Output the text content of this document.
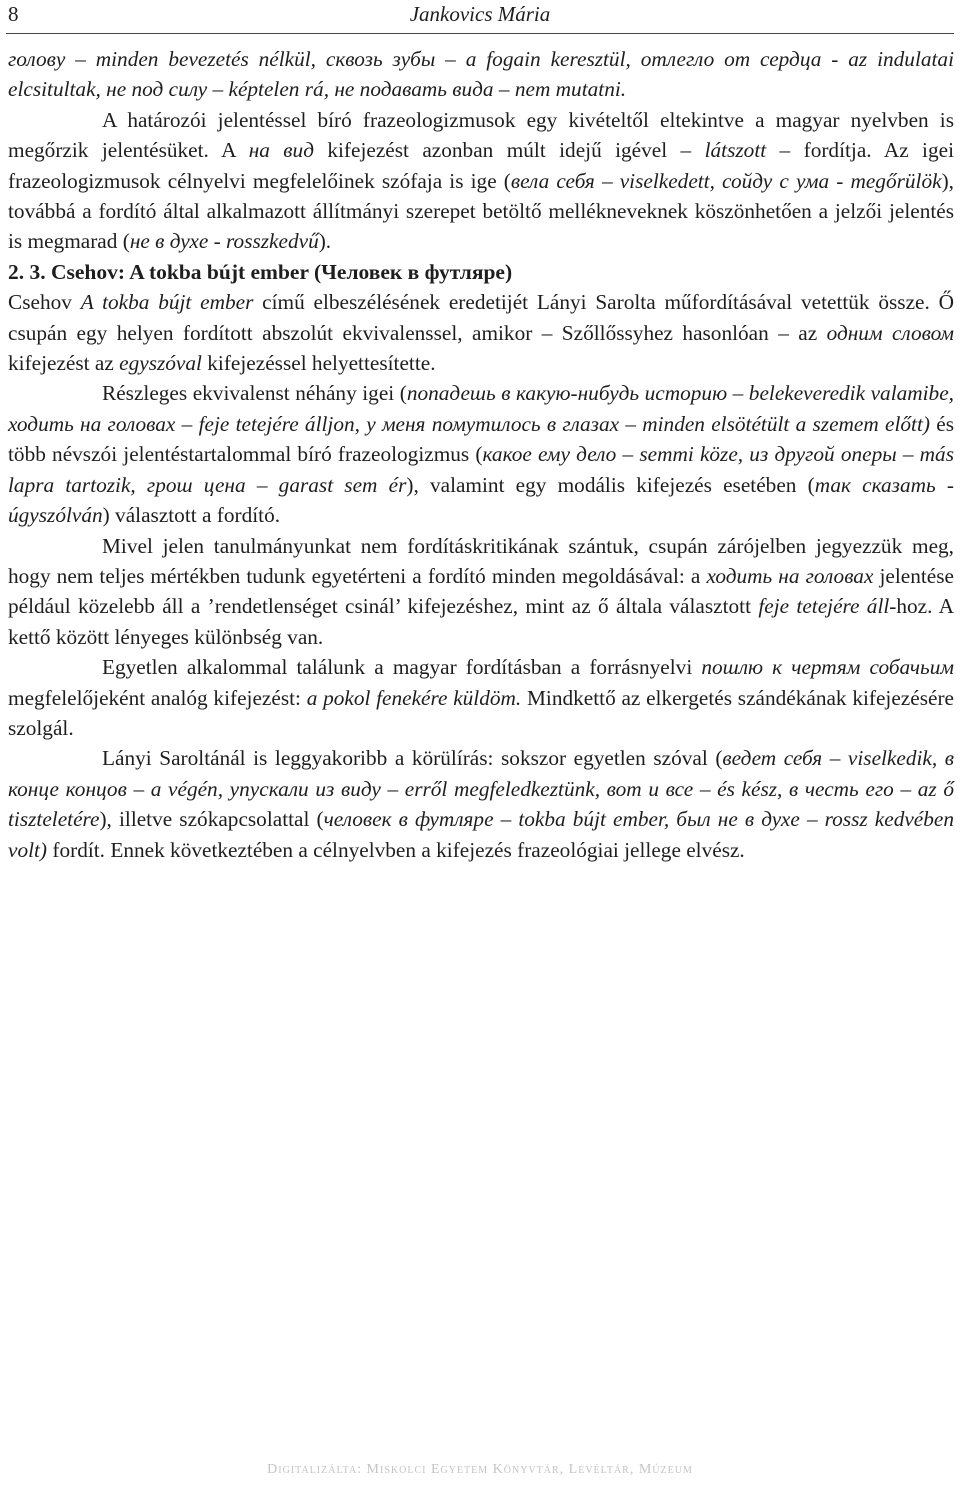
8	Jankovics Mária

голову – minden bevezetés nélkül, сквозь зубы – a fogain keresztül, отлегло от сердца - az indulatai elcsitultak, не под силу – képtelen rá, не подавать вида – nem mutatni.

A határozói jelentéssel bíró frazeologizmusok egy kivételtől eltekintve a magyar nyelvben is megőrzik jelentésüket. A на вид kifejezést azonban múlt idejű igével – látszott – fordítja. Az igei frazeologizmusok célnyelvi megfelelőinek szófaja is ige (вела себя – viselkedett, сойду с ума - megőrülök), továbbá a fordító által alkalmazott állítmányi szerepet betöltő mellékneveknek köszönhetően a jelzői jelentés is megmarad (не в духе - rosszkedvű).

2. 3. Csehov: A tokba bújt ember (Человек в футляре)

Csehov A tokba bújt ember című elbeszélésének eredetijét Lányi Sarolta műfordításával vetettük össze. Ő csupán egy helyen fordított abszolút ekvivalenssel, amikor – Szőllőssyhez hasonlóan – az одним словом kifejezést az egyszóval kifejezéssel helyettesítette.

Részleges ekvivalenst néhány igei (попадешь в какую-нибудь историю – belekeveredik valamibe, ходить на головах – feje tetejére álljon, у меня помутилось в глазах – minden elsötétült a szemem előtt) és több névszói jelentéstartalommal bíró frazeologizmus (какое ему дело – semmi köze, из другой оперы – más lapra tartozik, грош цена – garast sem ér), valamint egy modális kifejezés esetében (так сказать - úgyszólván) választott a fordító.

Mivel jelen tanulmányunkat nem fordításkritikának szántuk, csupán zárójelben jegyezzük meg, hogy nem teljes mértékben tudunk egyetérteni a fordító minden megoldásával: a ходить на головах jelentése például közelebb áll a ’rendetlenséget csinál’ kifejezéshez, mint az ő általa választott feje tetejére áll-hoz. A kettő között lényeges különbség van.

Egyetlen alkalommal találunk a magyar fordításban a forrásnyelvi пошлю к чертям собачьим megfelelőjeként analóg kifejezést: a pokol fenekére küldöm. Mindkettő az elkergetés szándékának kifejezésére szolgál.

Lányi Saroltánál is leggyakoribb a körülírás: sokszor egyetlen szóval (ведет себя – viselkedik, в конце концов – a végén, упускали из виду – erről megfeledkeztünk, вот и все – és kész, в честь его – az ő tiszteletére), illetve szókapcsolattal (человек в футляре – tokba bújt ember, был не в духе – rossz kedvében volt) fordít. Ennek következtében a célnyelvben a kifejezés frazeológiai jellege elvész.

Digitalizálta: Miskolci Egyetem Könyvtár, Levéltár, Múzeum
